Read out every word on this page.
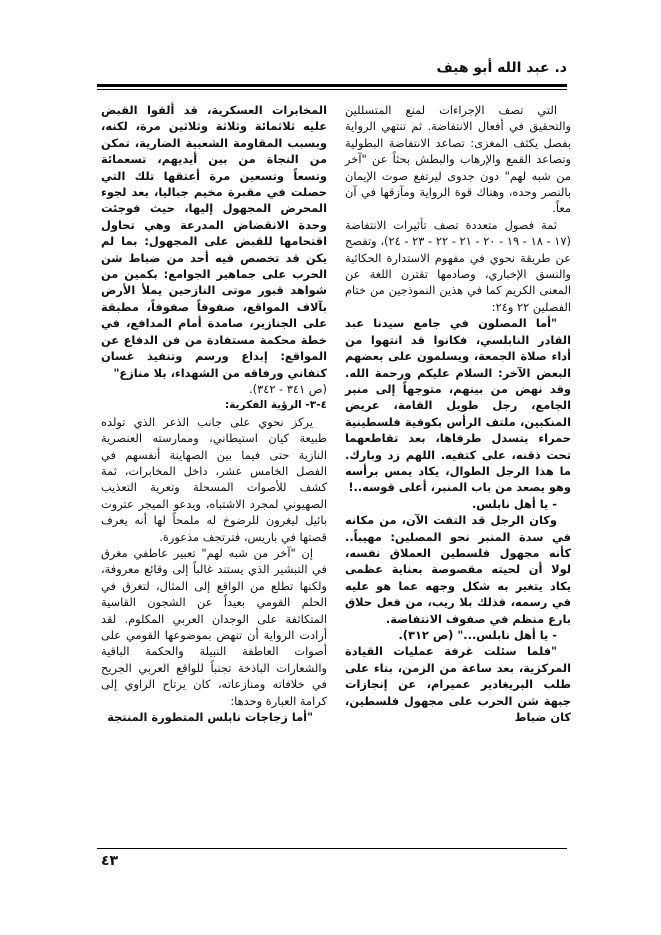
د. عبد الله أبو هيف

التي تصف الإجراءات لمنع المتسللين والتحقيق في أفعال الانتفاضة. ثم تنتهي الرواية بفصل يكثف المغزى: تصاعد الانتفاضة البطولية وتصاعد القمع والإرهاب والبطش بحثاً عن "آخر من شبه لهم" دون جدوى ليرتفع صوت الإيمان بالنصر وحده، وهناك قوة الرواية ومآزقها في آن معاً.

ثمة فصول متعددة تصف تأثيرات الانتفاضة (١٧ - ١٨ - ١٩ - ٢٠ - ٢١ - ٢٢ - ٢٣ - ٢٤)، وتفصح عن طريقة نحوي في مفهوم الاستدارة الحكائية والنسق الإخباري، وصادمها تقترن اللغة عن المعنى الكريم كما في هذين النموذجين من ختام الفصلين ٢٢ و٢٤:

"أما المصلون في جامع سيدنا عبد القادر النابلسي، فكانوا قد انتهوا من أداء صلاة الجمعة، ويسلمون على بعضهم البعض الآخر: السلام عليكم ورحمة الله. وقد نهض من بينهم، متوجهاً إلى منبر الجامع، رجل طويل القامة، عريض المنكبين، ملتف الرأس بكوفية فلسطينية حمراء يتسدل طرفاها، بعد تقاطعهما تحت ذقنه، على كتفيه. اللهم زد وبارك. ما هذا الرجل الطوال، يكاد يمس برأسه وهو يصعد من باب المنبر، أعلى قوسه..!

- يا أهل نابلس.

وكان الرجل قد التفت الآن، من مكانه في سدة المنبر نحو المصلين: مهيباً.. كأنه مجهول فلسطين العملاق نفسه، لولا أن لحيته مقصوصة بعناية عظمى يكاد يتغير به شكل وجهه عما هو عليه في رسمه، فذلك بلا ريب، من فعل حلاق بارع منظم في صفوف الانتفاضة.

- يا أهل نابلس..." (ص ٣١٢).

"فلما سئلت غرفة عمليات القيادة المركزية، بعد ساعة من الزمن، بناء على طلب البريغادير عميرام، عن إنجازات جبهة شن الحرب على مجهول فلسطين، كان ضباط

المخابرات العسكرية، قد ألقوا القبض عليه ثلاثمائة وثلاثة وثلاثين مرة، لكنه، وبسبب المقاومة الشعبية الضارية، تمكن من النجاة من بين أيديهم، تسعمائة وتسعاً وتسعين مرة أعتقها تلك التي حصلت في مقبرة مخيم جباليا، بعد لجوء المحرض المجهول إليها، حيث فوجئت وحدة الانقضاض المدرعة وهي تحاول اقتحامها للقبض على المجهول: بما لم يكن قد تخصص فيه أحد من ضباط شن الحرب على جماهير الجوامع: بكمين من شواهد قبور موتى النازحين يملأ الأرض بآلاف المواقع، صفوفاً صفوفاً، مطبقة على الجنازير، صامدة أمام المدافع، في خطة محكمة مستفادة من فن الدفاع عن المواقع: إبداع ورسم وتنفيذ غسان كنفاني ورفاقه من الشهداء، بلا منازع"

(ص ٣٤١ - ٣٤٢).

٤-٣- الرؤية الفكرية:

يركز نحوي على جانب الذعر الذي تولده طبيعة كيان استيطاني، وممارسته العنصرية النازية حتى فيما بين الصهاينة أنفسهم في الفصل الخامس عشر، داخل المخابرات، ثمة كشف للأصوات المسحلة وتعرية التعذيب الصهيوني لمجرد الاشتباه، ويدعو الميجر عتروت بائيل ليغرون للرضوخ له ملمحاً لها أنه يعرف قصتها في باريس، فترتجف مذعورة.

إن "آخر من شبه لهم" تعبير عاطفي مغرق في التبشير الذي يستند غالباً إلى وقائع معروفة، ولكنها تطلع من الواقع إلى المثال، لتغرق في الحلم القومي بعيداً عن الشجون القاسية المتكاثفة على الوجدان العربي المكلوم. لقد أرادت الرواية أن تنهض بموضوعها القومي على أصوات العاطفة النبيلة والحكمة الباقية والشعارات الباذخة تجنباً للواقع العربي الجريح في خلافاته ومنازعاته، كان يرتاح الراوي إلى كرامة العبارة وحدها:

"أما زجاجات نابلس المتطورة المنتجة

٤٣
